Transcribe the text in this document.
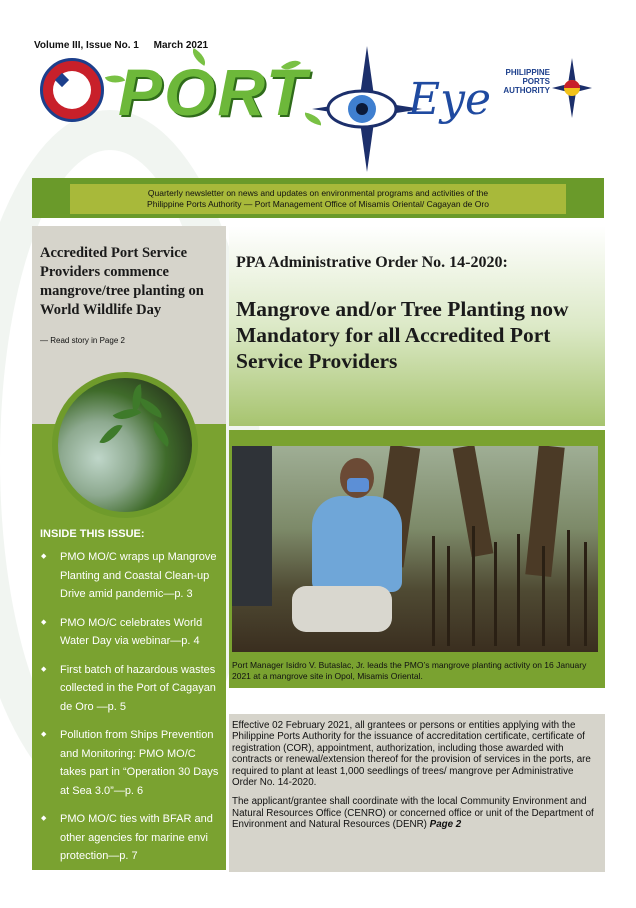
Volume III, Issue No. 1 March 2021
PORT Eye
PHILIPPINE PORTS AUTHORITY
Quarterly newsletter on news and updates on environmental programs and activities of the
Philippine Ports Authority — Port Management Office of Misamis Oriental/ Cagayan de Oro
Accredited Port Service Providers commence mangrove/tree planting on World Wildlife Day
— Read story in Page 2
INSIDE THIS ISSUE:
◆ PMO MO/C wraps up Mangrove Planting and Coastal Clean-up Drive amid pandemic—p. 3
◆ PMO MO/C celebrates World Water Day via webinar—p. 4
◆ First batch of hazardous wastes collected in the Port of Cagayan de Oro —p. 5
◆ Pollution from Ships Prevention and Monitoring: PMO MO/C takes part in “Operation 30 Days at Sea 3.0”—p. 6
◆ PMO MO/C ties with BFAR and other agencies for marine envi protection—p. 7
PPA Administrative Order No. 14-2020:
Mangrove and/or Tree Planting now Mandatory for all Accredited Port Service Providers
Port Manager Isidro V. Butaslac, Jr. leads the PMO’s mangrove planting activity on 16 January 2021 at a mangrove site in Opol, Misamis Oriental.

Effective 02 February 2021, all grantees or persons or entities applying with the Philippine Ports Authority for the issuance of accreditation certificate, certificate of registration (COR), appointment, authorization, including those awarded with contracts or renewal/extension thereof for the provision of services in the ports, are required to plant at least 1,000 seedlings of trees/ mangrove per Administrative Order No. 14-2020.

The applicant/grantee shall coordinate with the local Community Environment and Natural Resources Office (CENRO) or concerned office or unit of the Department of Environment and Natural Resources (DENR) Page 2
